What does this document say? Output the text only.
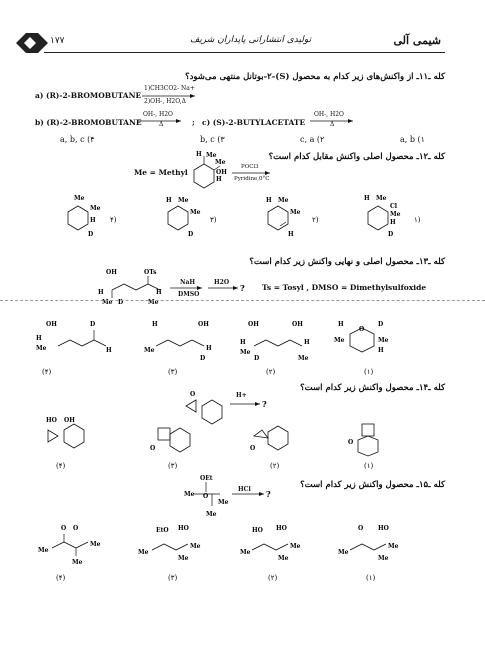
۱۷۷	تولیدی انتشاراتی پایداران شریف	شیمی آلی
کله ـ۱۱ـ از واکنش‌های زیر کدام به محصول (S)-۲-بوتانل منتهی می‌شود؟
a) (R)-2-BROMOBUTANE
1)CH3CO2- Na+
2)OH-, H2O,Δ
b) (R)-2-BROMOBUTANE
OH-, H2O
Δ	; c) (S)-2-BUTYLACETATE
OH-, H2O
Δ
a, b, c (۴	b, c (۳	c, a (۲	a, b (۱
کله ـ۱۲ـ محصول اصلی واکنش مقابل کدام است؟
Me = Methyl
H Me
Me
OH
H
POCl3
Pyridine,0°C
Me
Me
H
D
۴)
H Me
Me
D
۳)
H Me
Me
H
۲)
H Me
Cl
Me
H
D
۱)
کله ـ۱۳ـ محصول اصلی و نهایی واکنش زیر کدام است؟
OH
H
Me D
OTs
H
Me
?
NaH
DMSO
H2O
Ts = Tosyl , DMSO = Dimethylsulfoxide
OH
H
Me
D
H
(۴)
H	OH
Me	H
D
(۳)
OH	OH
H	H
Me
D	Me
(۲)
O
H	D
Me	Me
H
(۱)
کله ـ۱۴ـ محصول واکنش زیر کدام است؟
O
?
H+
HO OH
(۴)
O
(۳)
O
(۲)
O
(۱)
کله ـ۱۵ـ محصول واکنش زیر کدام است؟
OEt
Me O
Me
Me
?
HCl
O O
Me
Me
Me
(۴)
EtO HO
Me
Me
Me
(۳)
HO HO
Me
Me
Me
(۲)
O HO
Me
Me
Me
(۱)
